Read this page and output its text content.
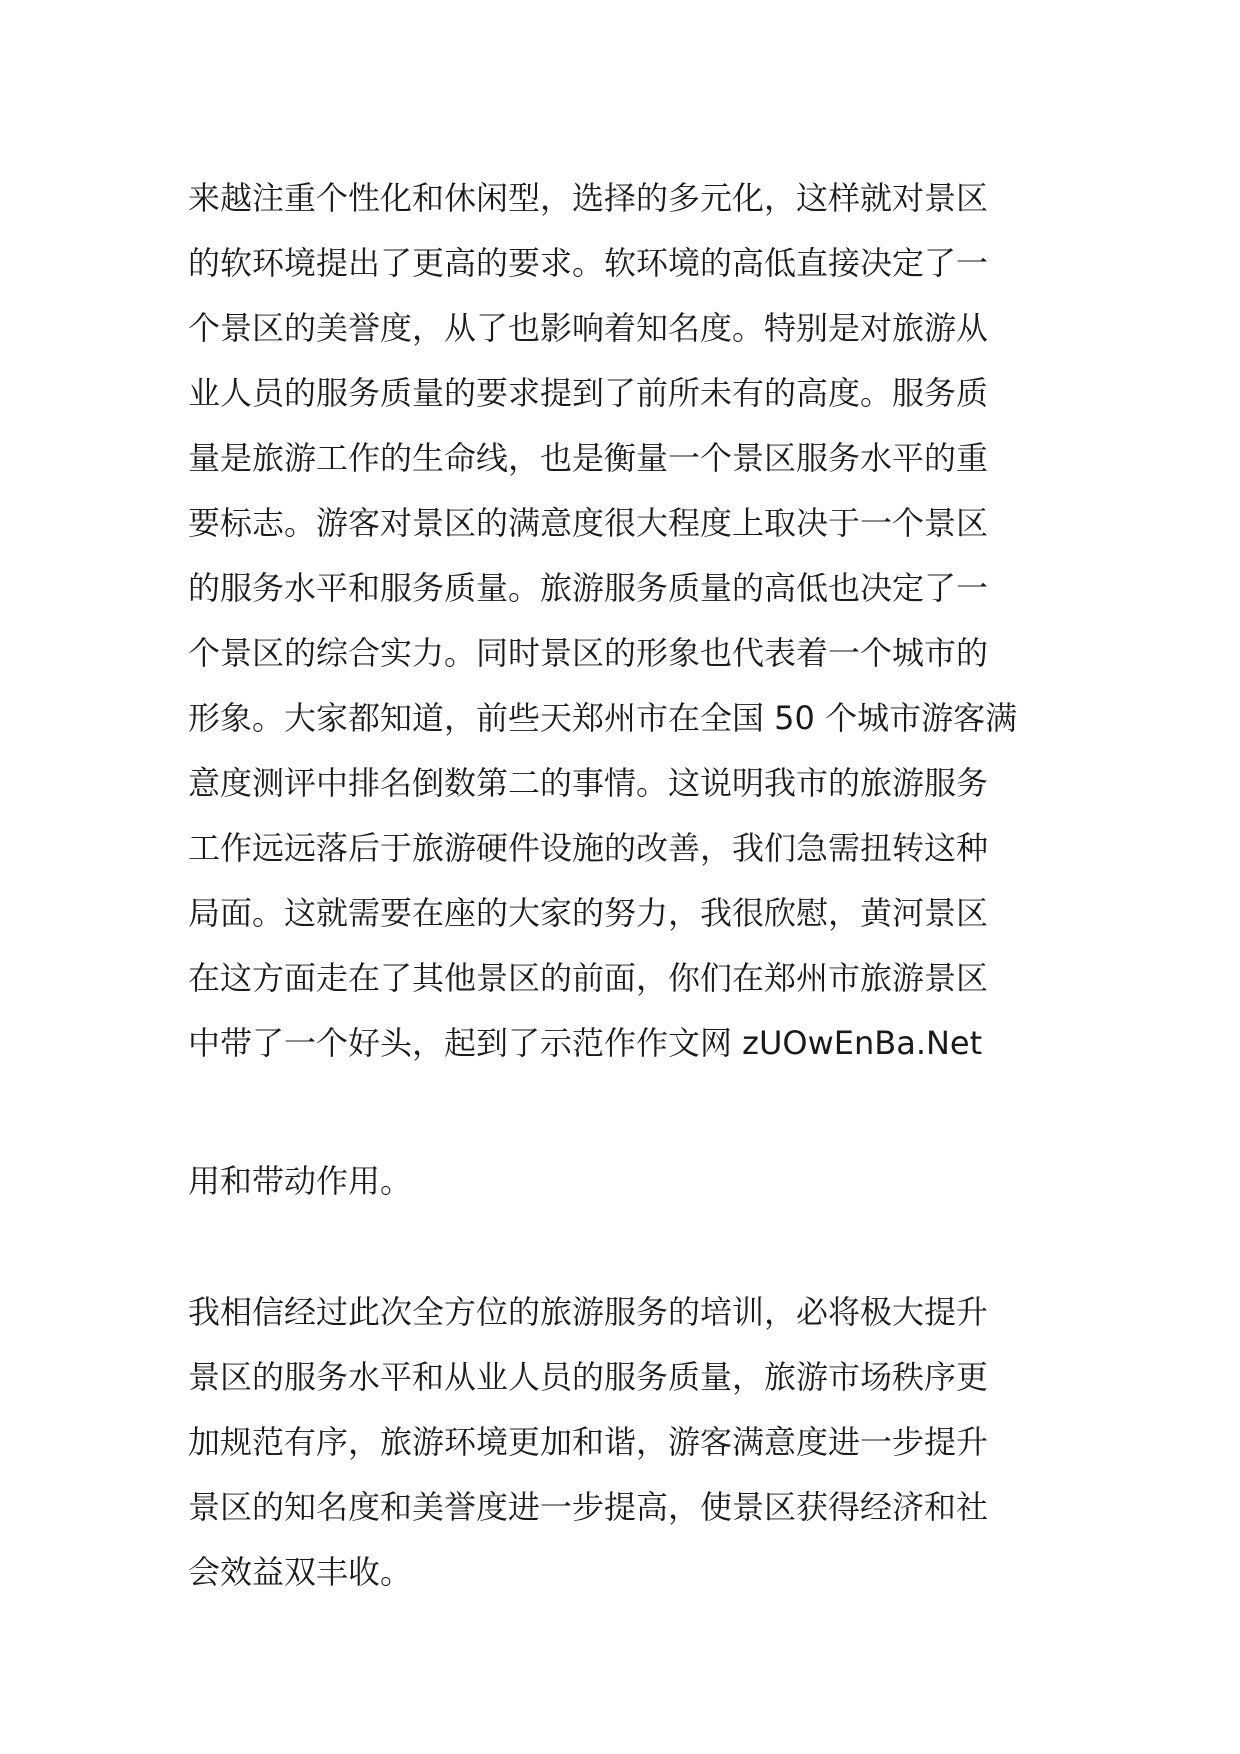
来越注重个性化和休闲型，选择的多元化，这样就对景区
的软环境提出了更高的要求。软环境的高低直接决定了一
个景区的美誉度，从了也影响着知名度。特别是对旅游从
业人员的服务质量的要求提到了前所未有的高度。服务质
量是旅游工作的生命线，也是衡量一个景区服务水平的重
要标志。游客对景区的满意度很大程度上取决于一个景区
的服务水平和服务质量。旅游服务质量的高低也决定了一
个景区的综合实力。同时景区的形象也代表着一个城市的
形象。大家都知道，前些天郑州市在全国 50 个城市游客满
意度测评中排名倒数第二的事情。这说明我市的旅游服务
工作远远落后于旅游硬件设施的改善，我们急需扭转这种
局面。这就需要在座的大家的努力，我很欣慰，黄河景区
在这方面走在了其他景区的前面，你们在郑州市旅游景区
中带了一个好头，起到了示范作作文网 zUOwEnBa.Net
用和带动作用。
我相信经过此次全方位的旅游服务的培训，必将极大提升
景区的服务水平和从业人员的服务质量，旅游市场秩序更
加规范有序，旅游环境更加和谐，游客满意度进一步提升
景区的知名度和美誉度进一步提高，使景区获得经济和社
会效益双丰收。
